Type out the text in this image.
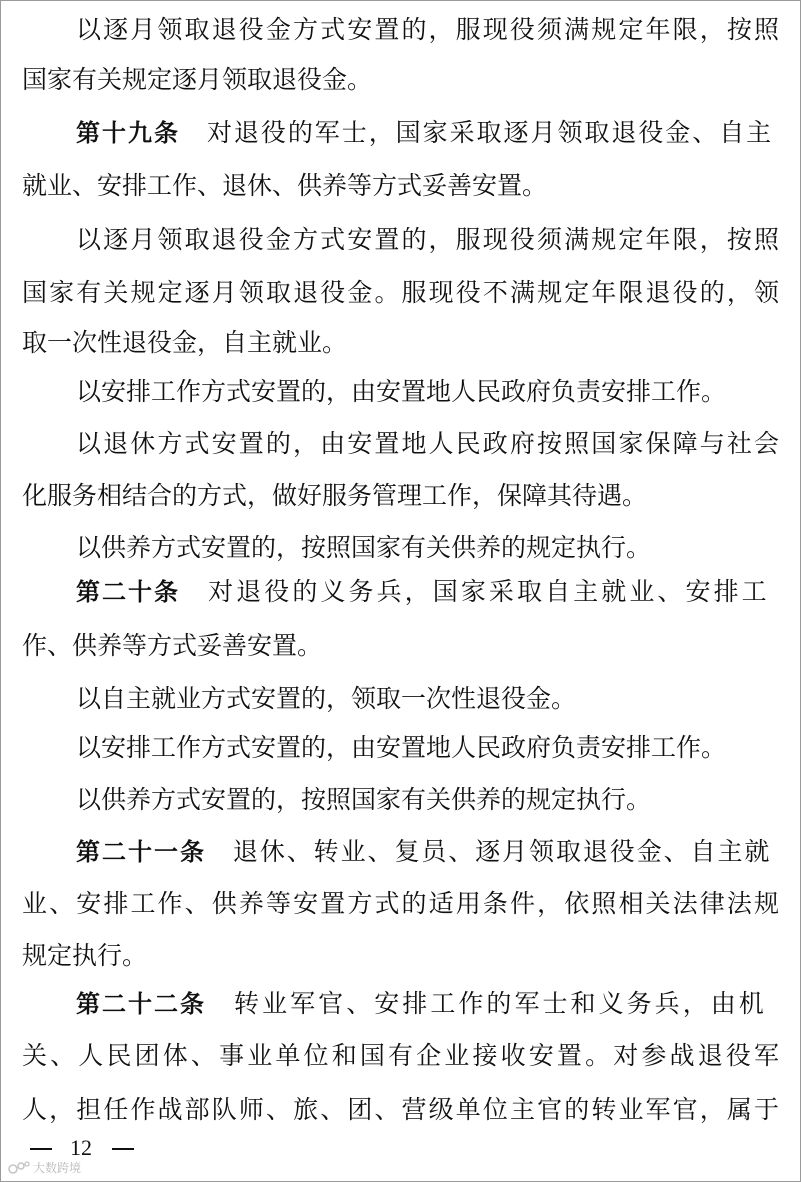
以逐月领取退役金方式安置的，服现役须满规定年限，按照
国家有关规定逐月领取退役金。
第十九条　对退役的军士，国家采取逐月领取退役金、自主
就业、安排工作、退休、供养等方式妥善安置。
以逐月领取退役金方式安置的，服现役须满规定年限，按照
国家有关规定逐月领取退役金。服现役不满规定年限退役的，领
取一次性退役金，自主就业。
以安排工作方式安置的，由安置地人民政府负责安排工作。
以退休方式安置的，由安置地人民政府按照国家保障与社会
化服务相结合的方式，做好服务管理工作，保障其待遇。
以供养方式安置的，按照国家有关供养的规定执行。
第二十条　对退役的义务兵，国家采取自主就业、安排工
作、供养等方式妥善安置。
以自主就业方式安置的，领取一次性退役金。
以安排工作方式安置的，由安置地人民政府负责安排工作。
以供养方式安置的，按照国家有关供养的规定执行。
第二十一条　退休、转业、复员、逐月领取退役金、自主就
业、安排工作、供养等安置方式的适用条件，依照相关法律法规
规定执行。
第二十二条　转业军官、安排工作的军士和义务兵，由机
关、人民团体、事业单位和国有企业接收安置。对参战退役军
人，担任作战部队师、旅、团、营级单位主官的转业军官，属于
12
大数跨境
